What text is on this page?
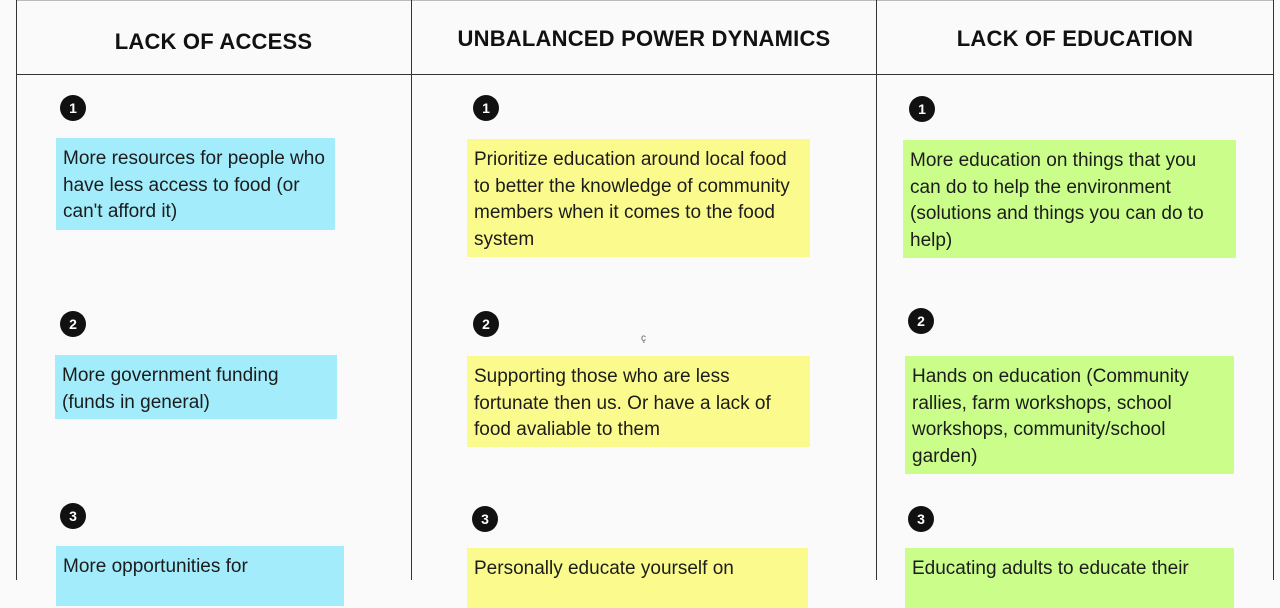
LACK OF ACCESS	UNBALANCED POWER DYNAMICS	LACK OF EDUCATION
1
More resources for people who have less access to food (or can't afford it)
2
More government funding (funds in general)
3
More opportunities for
1
Prioritize education around local food to better the knowledge of community members when it comes to the food system
2
Supporting those who are less fortunate then us. Or have a lack of food avaliable to them
3
Personally educate yourself on
1
More education on things that you can do to help the environment (solutions and things you can do to help)
2
Hands on education (Community rallies, farm workshops, school workshops, community/school garden)
3
Educating adults to educate their
ç
